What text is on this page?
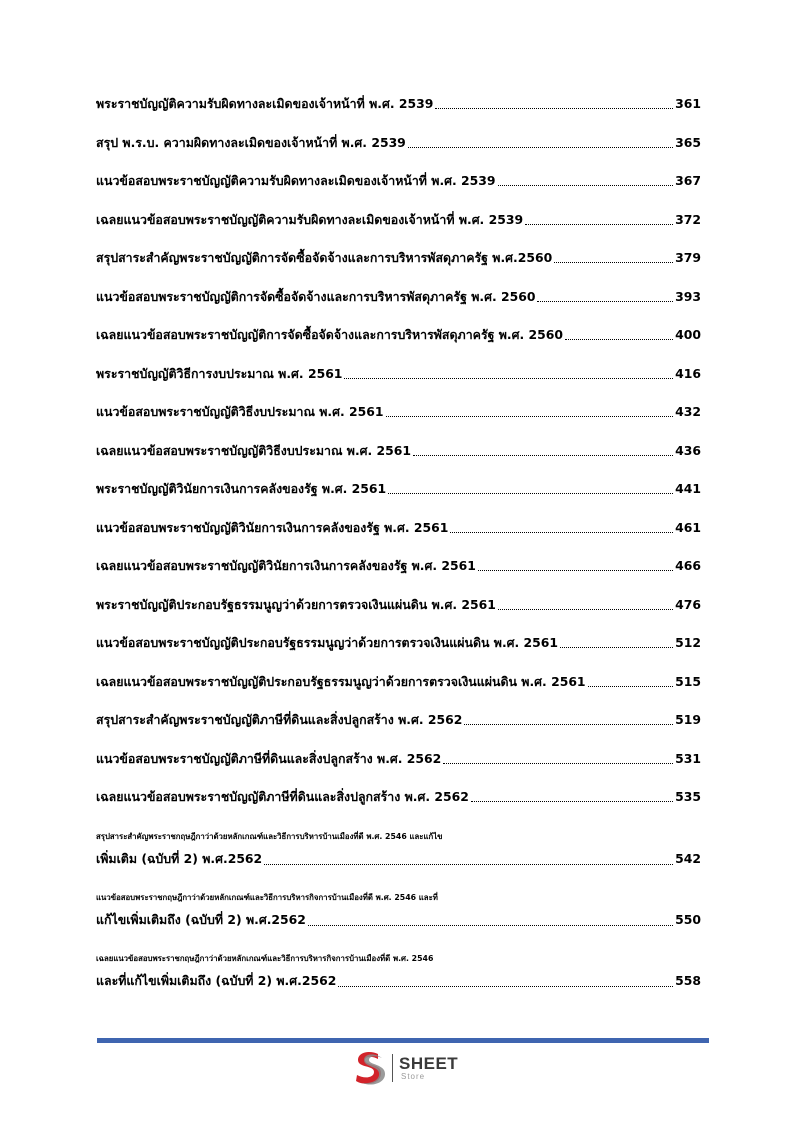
พระราชบัญญัติความรับผิดทางละเมิดของเจ้าหน้าที่ พ.ศ. 2539	361
สรุป พ.ร.บ. ความผิดทางละเมิดของเจ้าหน้าที่ พ.ศ. 2539	365
แนวข้อสอบพระราชบัญญัติความรับผิดทางละเมิดของเจ้าหน้าที่ พ.ศ. 2539	367
เฉลยแนวข้อสอบพระราชบัญญัติความรับผิดทางละเมิดของเจ้าหน้าที่ พ.ศ. 2539	372
สรุปสาระสำคัญพระราชบัญญัติการจัดซื้อจัดจ้างและการบริหารพัสดุภาครัฐ พ.ศ.2560	379
แนวข้อสอบพระราชบัญญัติการจัดซื้อจัดจ้างและการบริหารพัสดุภาครัฐ พ.ศ. 2560	393
เฉลยแนวข้อสอบพระราชบัญญัติการจัดซื้อจัดจ้างและการบริหารพัสดุภาครัฐ พ.ศ. 2560	400
พระราชบัญญัติวิธีการงบประมาณ พ.ศ. 2561	416
แนวข้อสอบพระราชบัญญัติวิธีงบประมาณ พ.ศ. 2561	432
เฉลยแนวข้อสอบพระราชบัญญัติวิธีงบประมาณ พ.ศ. 2561	436
พระราชบัญญัติวินัยการเงินการคลังของรัฐ พ.ศ. 2561	441
แนวข้อสอบพระราชบัญญัติวินัยการเงินการคลังของรัฐ พ.ศ. 2561	461
เฉลยแนวข้อสอบพระราชบัญญัติวินัยการเงินการคลังของรัฐ พ.ศ. 2561	466
พระราชบัญญัติประกอบรัฐธรรมนูญว่าด้วยการตรวจเงินแผ่นดิน พ.ศ. 2561	476
แนวข้อสอบพระราชบัญญัติประกอบรัฐธรรมนูญว่าด้วยการตรวจเงินแผ่นดิน พ.ศ. 2561	512
เฉลยแนวข้อสอบพระราชบัญญัติประกอบรัฐธรรมนูญว่าด้วยการตรวจเงินแผ่นดิน พ.ศ. 2561	515
สรุปสาระสำคัญพระราชบัญญัติภาษีที่ดินและสิ่งปลูกสร้าง พ.ศ. 2562	519
แนวข้อสอบพระราชบัญญัติภาษีที่ดินและสิ่งปลูกสร้าง พ.ศ. 2562	531
เฉลยแนวข้อสอบพระราชบัญญัติภาษีที่ดินและสิ่งปลูกสร้าง พ.ศ. 2562	535
สรุปสาระสำคัญพระราชกฤษฎีกาว่าด้วยหลักเกณฑ์และวิธีการบริหารบ้านเมืองที่ดี พ.ศ. 2546 และแก้ไข
เพิ่มเติม (ฉบับที่ 2) พ.ศ.2562	542
แนวข้อสอบพระราชกฤษฎีกาว่าด้วยหลักเกณฑ์และวิธีการบริหารกิจการบ้านเมืองที่ดี พ.ศ. 2546 และที่
แก้ไขเพิ่มเติมถึง (ฉบับที่ 2) พ.ศ.2562	550
เฉลยแนวข้อสอบพระราชกฤษฎีกาว่าด้วยหลักเกณฑ์และวิธีการบริหารกิจการบ้านเมืองที่ดี พ.ศ. 2546
และที่แก้ไขเพิ่มเติมถึง (ฉบับที่ 2) พ.ศ.2562	558
SHEET
Store
